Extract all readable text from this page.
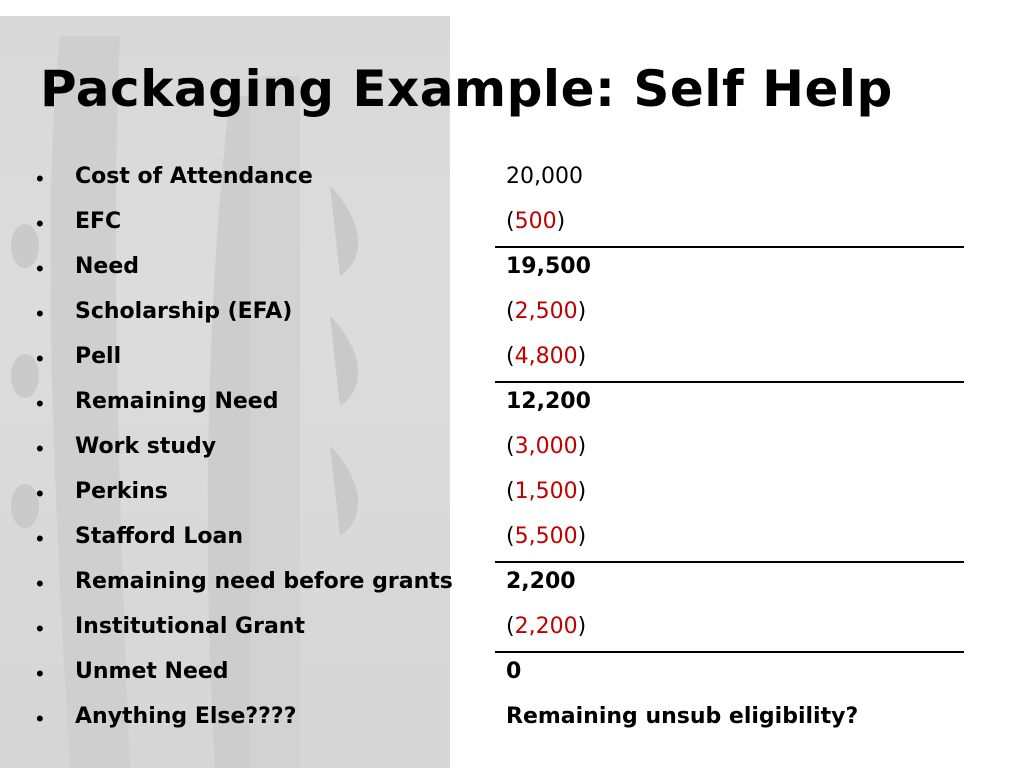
Packaging Example: Self Help
• Cost of Attendance	20,000
• EFC	(500)
• Need	19,500
• Scholarship (EFA)	(2,500)
• Pell	(4,800)
• Remaining Need	12,200
• Work study	(3,000)
• Perkins	(1,500)
• Stafford Loan	(5,500)
• Remaining need before grants 2,200
• Institutional Grant	(2,200)
• Unmet Need	0
• Anything Else????	Remaining unsub eligibility?
